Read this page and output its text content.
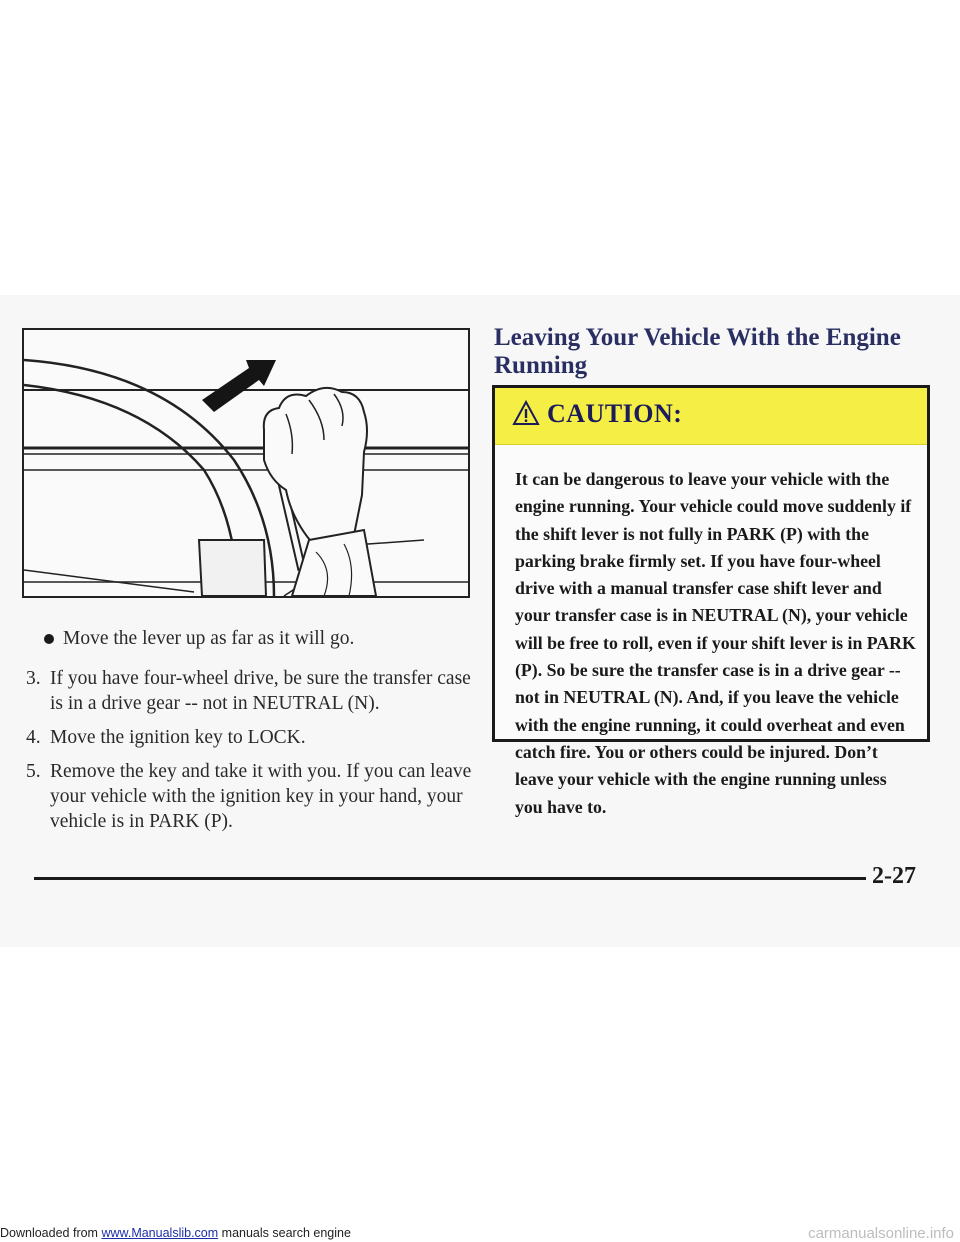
Move the lever up as far as it will go.
3. If you have four-wheel drive, be sure the transfer case is in a drive gear -- not in NEUTRAL (N).
4. Move the ignition key to LOCK.
5. Remove the key and take it with you. If you can leave your vehicle with the ignition key in your hand, your vehicle is in PARK (P).
Leaving Your Vehicle With the Engine Running
CAUTION:
It can be dangerous to leave your vehicle with the engine running. Your vehicle could move suddenly if the shift lever is not fully in PARK (P) with the parking brake firmly set. If you have four-wheel drive with a manual transfer case shift lever and your transfer case is in NEUTRAL (N), your vehicle will be free to roll, even if your shift lever is in PARK (P). So be sure the transfer case is in a drive gear -- not in NEUTRAL (N). And, if you leave the vehicle with the engine running, it could overheat and even catch fire. You or others could be injured. Don’t leave your vehicle with the engine running unless you have to.
2-27
Downloaded from www.Manualslib.com manuals search engine	carmanualsonline.info
